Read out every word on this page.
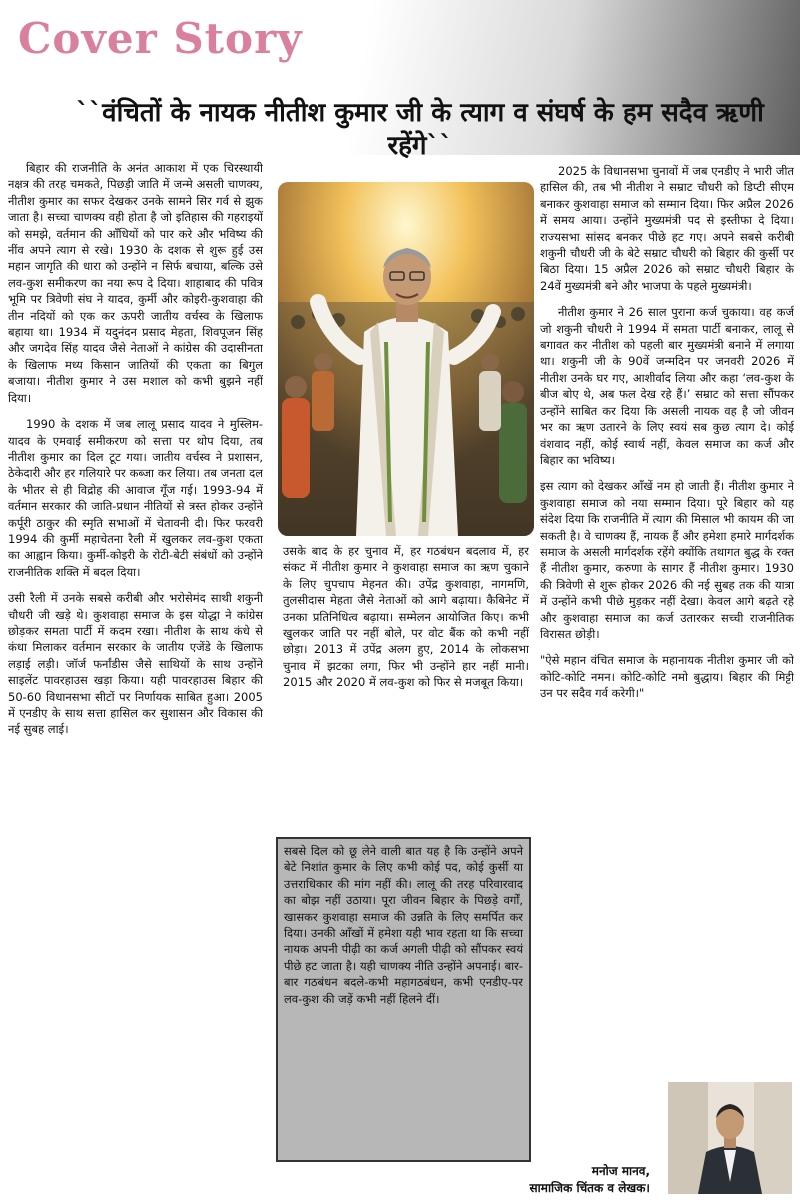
Cover Story
``वंचितों के नायक नीतीश कुमार जी के त्याग व संघर्ष के हम सदैव ऋणी रहेंगे``

बिहार की राजनीति के अनंत आकाश में एक चिरस्थायी नक्षत्र की तरह चमकते, पिछड़ी जाति में जन्मे असली चाणक्य, नीतीश कुमार का सफर देखकर उनके सामने सिर गर्व से झुक जाता है। सच्चा चाणक्य वही होता है जो इतिहास की गहराइयों को समझे, वर्तमान की आँधियों को पार करे और भविष्य की नींव अपने त्याग से रखे। 1930 के दशक से शुरू हुई उस महान जागृति की धारा को उन्होंने न सिर्फ बचाया, बल्कि उसे लव-कुश समीकरण का नया रूप दे दिया। शाहाबाद की पवित्र भूमि पर त्रिवेणी संघ ने यादव, कुर्मी और कोइरी-कुशवाहा की तीन नदियों को एक कर ऊपरी जातीय वर्चस्व के खिलाफ बहाया था। 1934 में यदुनंदन प्रसाद मेहता, शिवपूजन सिंह और जगदेव सिंह यादव जैसे नेताओं ने कांग्रेस की उदासीनता के खिलाफ मध्य किसान जातियों की एकता का बिगुल बजाया। नीतीश कुमार ने उस मशाल को कभी बुझने नहीं दिया।

1990 के दशक में जब लालू प्रसाद यादव ने मुस्लिम-यादव के एमवाई समीकरण को सत्ता पर थोप दिया, तब नीतीश कुमार का दिल टूट गया। जातीय वर्चस्व ने प्रशासन, ठेकेदारी और हर गलियारे पर कब्जा कर लिया। तब जनता दल के भीतर से ही विद्रोह की आवाज गूँज गई। 1993-94 में वर्तमान सरकार की जाति-प्रधान नीतियों से त्रस्त होकर उन्होंने कर्पूरी ठाकुर की स्मृति सभाओं में चेतावनी दी। फिर फरवरी 1994 की कुर्मी महाचेतना रैली में खुलकर लव-कुश एकता का आह्वान किया। कुर्मी-कोइरी के रोटी-बेटी संबंधों को उन्होंने राजनीतिक शक्ति में बदल दिया।

उसी रैली में उनके सबसे करीबी और भरोसेमंद साथी शकुनी चौधरी जी खड़े थे। कुशवाहा समाज के इस योद्धा ने कांग्रेस छोड़कर समता पार्टी में कदम रखा। नीतीश के साथ कंधे से कंधा मिलाकर वर्तमान सरकार के जातीय एजेंडे के खिलाफ लड़ाई लड़ी। जॉर्ज फर्नांडीस जैसे साथियों के साथ उन्होंने साइलेंट पावरहाउस खड़ा किया। यही पावरहाउस बिहार की 50-60 विधानसभा सीटों पर निर्णायक साबित हुआ। 2005 में एनडीए के साथ सत्ता हासिल कर सुशासन और विकास की नई सुबह लाई।

उसके बाद के हर चुनाव में, हर गठबंधन बदलाव में, हर संकट में नीतीश कुमार ने कुशवाहा समाज का ऋण चुकाने के लिए चुपचाप मेहनत की। उपेंद्र कुशवाहा, नागमणि, तुलसीदास मेहता जैसे नेताओं को आगे बढ़ाया। कैबिनेट में उनका प्रतिनिधित्व बढ़ाया। सम्मेलन आयोजित किए। कभी खुलकर जाति पर नहीं बोले, पर वोट बैंक को कभी नहीं छोड़ा। 2013 में उपेंद्र अलग हुए, 2014 के लोकसभा चुनाव में झटका लगा, फिर भी उन्होंने हार नहीं मानी। 2015 और 2020 में लव-कुश को फिर से मजबूत किया।

सबसे दिल को छू लेने वाली बात यह है कि उन्होंने अपने बेटे निशांत कुमार के लिए कभी कोई पद, कोई कुर्सी या उत्तराधिकार की मांग नहीं की। लालू की तरह परिवारवाद का बोझ नहीं उठाया। पूरा जीवन बिहार के पिछड़े वर्गों, खासकर कुशवाहा समाज की उन्नति के लिए समर्पित कर दिया। उनकी आँखों में हमेशा यही भाव रहता था कि सच्चा नायक अपनी पीढ़ी का कर्ज अगली पीढ़ी को सौंपकर स्वयं पीछे हट जाता है। यही चाणक्य नीति उन्होंने अपनाई। बार-बार गठबंधन बदले-कभी महागठबंधन, कभी एनडीए-पर लव-कुश की जड़ें कभी नहीं हिलने दीं।

2025 के विधानसभा चुनावों में जब एनडीए ने भारी जीत हासिल की, तब भी नीतीश ने सम्राट चौधरी को डिप्टी सीएम बनाकर कुशवाहा समाज को सम्मान दिया। फिर अप्रैल 2026 में समय आया। उन्होंने मुख्यमंत्री पद से इस्तीफा दे दिया। राज्यसभा सांसद बनकर पीछे हट गए। अपने सबसे करीबी शकुनी चौधरी जी के बेटे सम्राट चौधरी को बिहार की कुर्सी पर बिठा दिया। 15 अप्रैल 2026 को सम्राट चौधरी बिहार के 24वें मुख्यमंत्री बने और भाजपा के पहले मुख्यमंत्री।

नीतीश कुमार ने 26 साल पुराना कर्ज चुकाया। वह कर्ज जो शकुनी चौधरी ने 1994 में समता पार्टी बनाकर, लालू से बगावत कर नीतीश को पहली बार मुख्यमंत्री बनाने में लगाया था। शकुनी जी के 90वें जन्मदिन पर जनवरी 2026 में नीतीश उनके घर गए, आशीर्वाद लिया और कहा ‘लव-कुश के बीज बोए थे, अब फल देख रहे हैं।’ सम्राट को सत्ता सौंपकर उन्होंने साबित कर दिया कि असली नायक वह है जो जीवन भर का ऋण उतारने के लिए स्वयं सब कुछ त्याग दे। कोई वंशवाद नहीं, कोई स्वार्थ नहीं, केवल समाज का कर्ज और बिहार का भविष्य।

इस त्याग को देखकर आँखें नम हो जाती हैं। नीतीश कुमार ने कुशवाहा समाज को नया सम्मान दिया। पूरे बिहार को यह संदेश दिया कि राजनीति में त्याग की मिसाल भी कायम की जा सकती है। वे चाणक्य हैं, नायक हैं और हमेशा हमारे मार्गदर्शक समाज के असली मार्गदर्शक रहेंगे क्योंकि तथागत बुद्ध के रक्त हैं नीतीश कुमार, करुणा के सागर हैं नीतीश कुमार। 1930 की त्रिवेणी से शुरू होकर 2026 की नई सुबह तक की यात्रा में उन्होंने कभी पीछे मुड़कर नहीं देखा। केवल आगे बढ़ते रहे और कुशवाहा समाज का कर्ज उतारकर सच्ची राजनीतिक विरासत छोड़ी।

"ऐसे महान वंचित समाज के महानायक नीतीश कुमार जी को कोटि-कोटि नमन। कोटि-कोटि नमो बुद्धाय। बिहार की मिट्टी उन पर सदैव गर्व करेगी।"

मनोज मानव,
सामाजिक चिंतक व लेखक।
